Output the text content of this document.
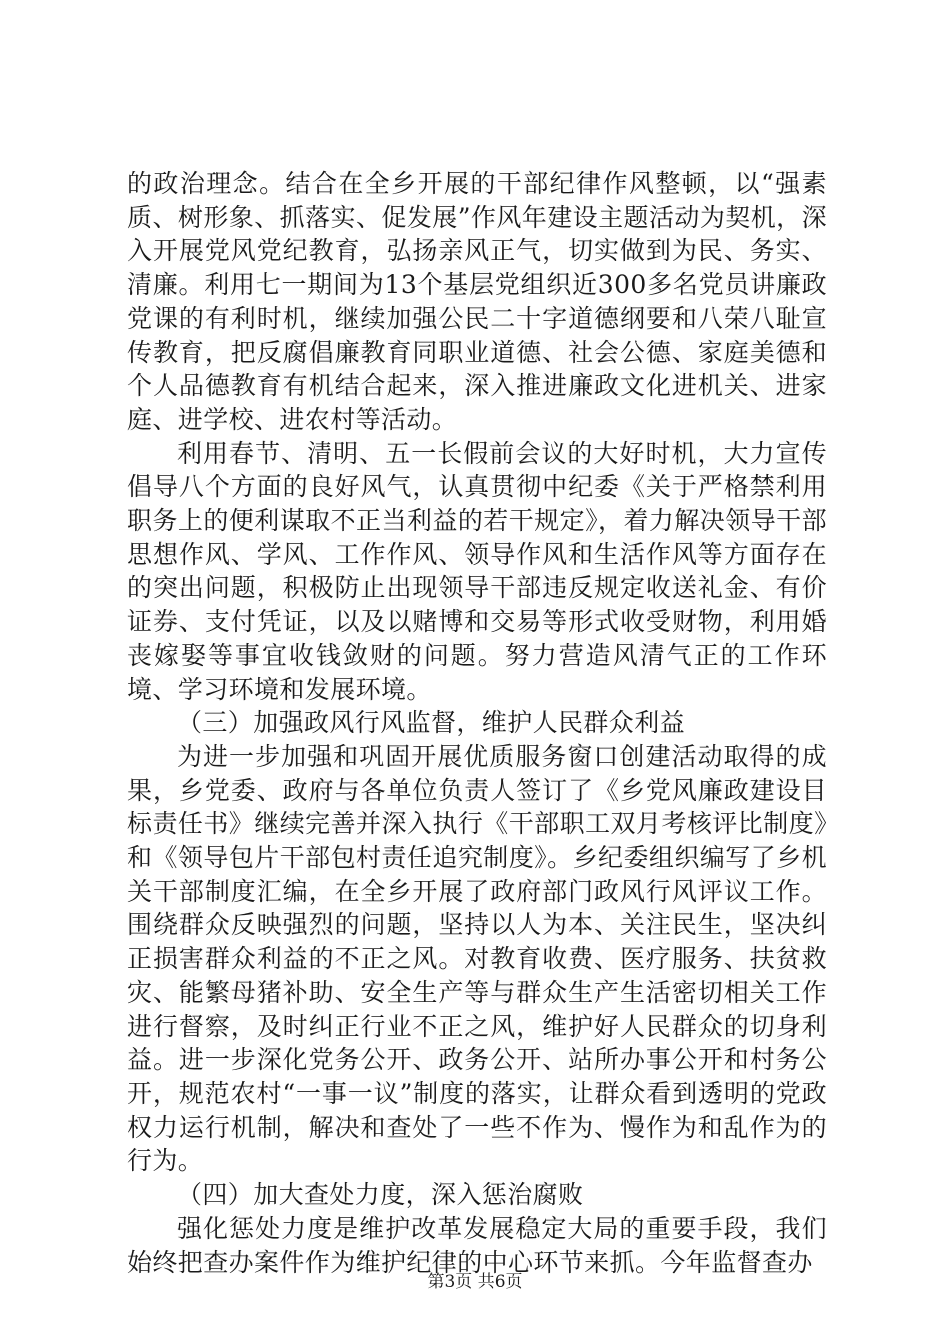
的政治理念。结合在全乡开展的干部纪律作风整顿，以“强素质、树形象、抓落实、促发展”作风年建设主题活动为契机，深入开展党风党纪教育，弘扬亲风正气，切实做到为民、务实、清廉。利用七一期间为13个基层党组织近300多名党员讲廉政党课的有利时机，继续加强公民二十字道德纲要和八荣八耻宣传教育，把反腐倡廉教育同职业道德、社会公德、家庭美德和个人品德教育有机结合起来，深入推进廉政文化进机关、进家庭、进学校、进农村等活动。

利用春节、清明、五一长假前会议的大好时机，大力宣传倡导八个方面的良好风气，认真贯彻中纪委《关于严格禁利用职务上的便利谋取不正当利益的若干规定》，着力解决领导干部思想作风、学风、工作作风、领导作风和生活作风等方面存在的突出问题，积极防止出现领导干部违反规定收送礼金、有价证券、支付凭证，以及以赌博和交易等形式收受财物，利用婚丧嫁娶等事宜收钱敛财的问题。努力营造风清气正的工作环境、学习环境和发展环境。

（三）加强政风行风监督，维护人民群众利益

为进一步加强和巩固开展优质服务窗口创建活动取得的成果，乡党委、政府与各单位负责人签订了《乡党风廉政建设目标责任书》继续完善并深入执行《干部职工双月考核评比制度》和《领导包片干部包村责任追究制度》。乡纪委组织编写了乡机关干部制度汇编，在全乡开展了政府部门政风行风评议工作。围绕群众反映强烈的问题，坚持以人为本、关注民生，坚决纠正损害群众利益的不正之风。对教育收费、医疗服务、扶贫救灾、能繁母猪补助、安全生产等与群众生产生活密切相关工作进行督察，及时纠正行业不正之风，维护好人民群众的切身利益。进一步深化党务公开、政务公开、站所办事公开和村务公开，规范农村“一事一议”制度的落实，让群众看到透明的党政权力运行机制，解决和查处了一些不作为、慢作为和乱作为的行为。

（四）加大查处力度，深入惩治腐败

强化惩处力度是维护改革发展稳定大局的重要手段，我们始终把查办案件作为维护纪律的中心环节来抓。今年监督查办

第3页 共6页
